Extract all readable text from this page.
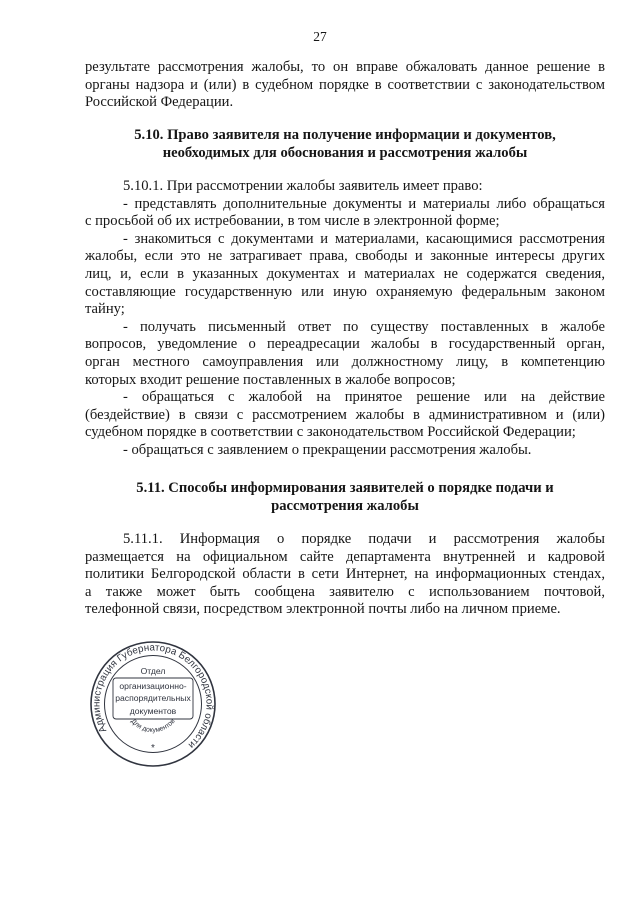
27
результате рассмотрения жалобы, то он вправе обжаловать данное решение в
органы надзора и (или) в судебном порядке в соответствии с законодательством
Российской Федерации.
5.10. Право заявителя на получение информации и документов,
необходимых для обоснования и рассмотрения жалобы
5.10.1. При рассмотрении жалобы заявитель имеет право:
- представлять дополнительные документы и материалы либо обращаться
с просьбой об их истребовании, в том числе в электронной форме;
- знакомиться с документами и материалами, касающимися рассмотрения
жалобы, если это не затрагивает права, свободы и законные интересы других
лиц, и, если в указанных документах и материалах не содержатся сведения,
составляющие государственную или иную охраняемую федеральным законом
тайну;
- получать письменный ответ по существу поставленных в жалобе
вопросов, уведомление о переадресации жалобы в государственный орган,
орган местного самоуправления или должностному лицу, в компетенцию
которых входит решение поставленных в жалобе вопросов;
- обращаться с жалобой на принятое решение или на действие
(бездействие) в связи с рассмотрением жалобы в административном и (или)
судебном порядке в соответствии с законодательством Российской Федерации;
- обращаться с заявлением о прекращении рассмотрения жалобы.
5.11. Способы информирования заявителей о порядке подачи и
рассмотрения жалобы
5.11.1. Информация о порядке подачи и рассмотрения жалобы
размещается на официальном сайте департамента внутренней и кадровой
политики Белгородской области в сети Интернет, на информационных стендах,
а также может быть сообщена заявителю с использованием почтовой,
телефонной связи, посредством электронной почты либо на личном приеме.
Администрация Губернатора Белгородской области
Отдел
организационно-
распорядительных
документов
Для документов
*
